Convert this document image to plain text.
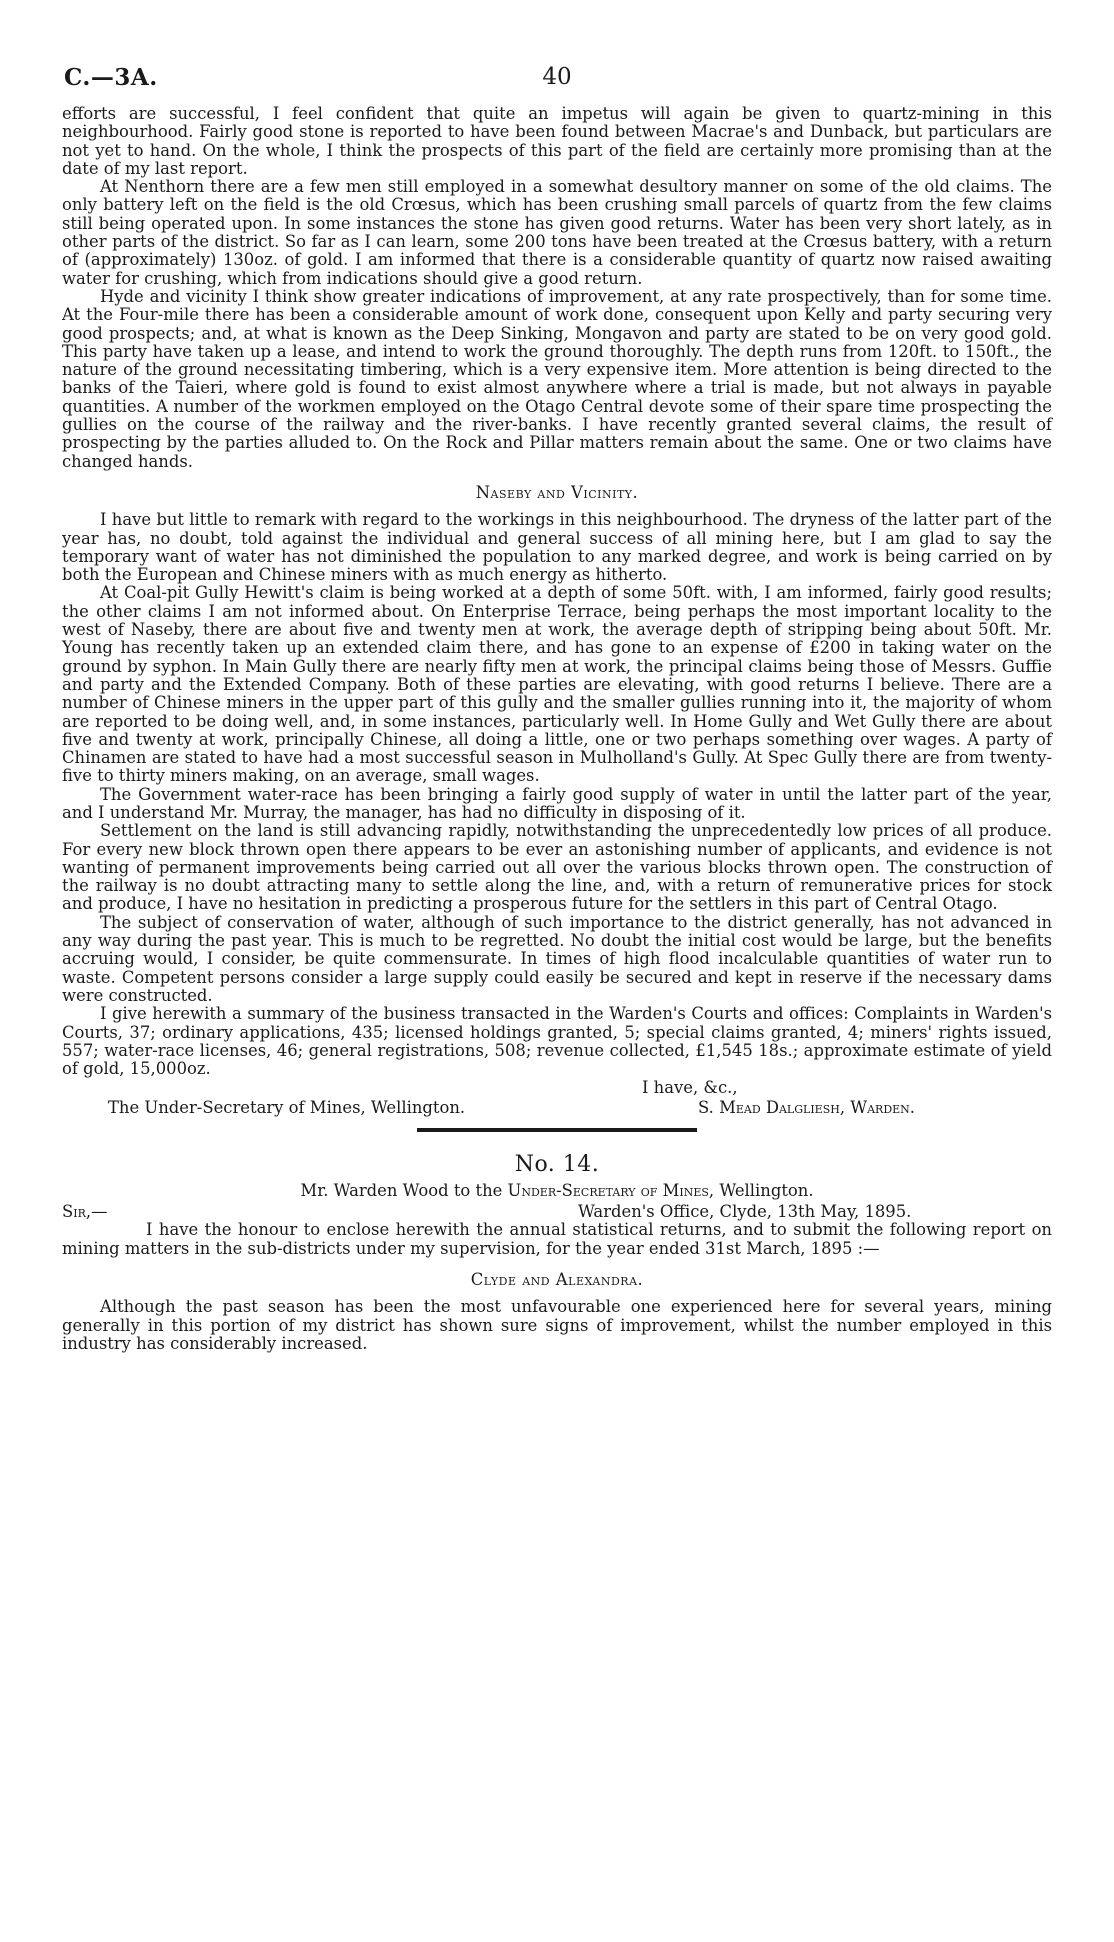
C.—3A.	40

efforts are successful, I feel confident that quite an impetus will again be given to quartz-mining in this neighbourhood. Fairly good stone is reported to have been found between Macrae's and Dunback, but particulars are not yet to hand. On the whole, I think the prospects of this part of the field are certainly more promising than at the date of my last report.

At Nenthorn there are a few men still employed in a somewhat desultory manner on some of the old claims. The only battery left on the field is the old Crœsus, which has been crushing small parcels of quartz from the few claims still being operated upon. In some instances the stone has given good returns. Water has been very short lately, as in other parts of the district. So far as I can learn, some 200 tons have been treated at the Crœsus battery, with a return of (approximately) 130oz. of gold. I am informed that there is a considerable quantity of quartz now raised awaiting water for crushing, which from indications should give a good return.

Hyde and vicinity I think show greater indications of improvement, at any rate prospectively, than for some time. At the Four-mile there has been a considerable amount of work done, consequent upon Kelly and party securing very good prospects; and, at what is known as the Deep Sinking, Mongavon and party are stated to be on very good gold. This party have taken up a lease, and intend to work the ground thoroughly. The depth runs from 120ft. to 150ft., the nature of the ground necessitating timbering, which is a very expensive item. More attention is being directed to the banks of the Taieri, where gold is found to exist almost anywhere where a trial is made, but not always in payable quantities. A number of the workmen employed on the Otago Central devote some of their spare time prospecting the gullies on the course of the railway and the river-banks. I have recently granted several claims, the result of prospecting by the parties alluded to. On the Rock and Pillar matters remain about the same. One or two claims have changed hands.

Naseby and Vicinity.

I have but little to remark with regard to the workings in this neighbourhood. The dryness of the latter part of the year has, no doubt, told against the individual and general success of all mining here, but I am glad to say the temporary want of water has not diminished the population to any marked degree, and work is being carried on by both the European and Chinese miners with as much energy as hitherto.

At Coal-pit Gully Hewitt's claim is being worked at a depth of some 50ft. with, I am informed, fairly good results; the other claims I am not informed about. On Enterprise Terrace, being perhaps the most important locality to the west of Naseby, there are about five and twenty men at work, the average depth of stripping being about 50ft. Mr. Young has recently taken up an extended claim there, and has gone to an expense of £200 in taking water on the ground by syphon. In Main Gully there are nearly fifty men at work, the principal claims being those of Messrs. Guffie and party and the Extended Company. Both of these parties are elevating, with good returns I believe. There are a number of Chinese miners in the upper part of this gully and the smaller gullies running into it, the majority of whom are reported to be doing well, and, in some instances, particularly well. In Home Gully and Wet Gully there are about five and twenty at work, principally Chinese, all doing a little, one or two perhaps something over wages. A party of Chinamen are stated to have had a most successful season in Mulholland's Gully. At Spec Gully there are from twenty-five to thirty miners making, on an average, small wages.

The Government water-race has been bringing a fairly good supply of water in until the latter part of the year, and I understand Mr. Murray, the manager, has had no difficulty in disposing of it.

Settlement on the land is still advancing rapidly, notwithstanding the unprecedentedly low prices of all produce. For every new block thrown open there appears to be ever an astonishing number of applicants, and evidence is not wanting of permanent improvements being carried out all over the various blocks thrown open. The construction of the railway is no doubt attracting many to settle along the line, and, with a return of remunerative prices for stock and produce, I have no hesitation in predicting a prosperous future for the settlers in this part of Central Otago.

The subject of conservation of water, although of such importance to the district generally, has not advanced in any way during the past year. This is much to be regretted. No doubt the initial cost would be large, but the benefits accruing would, I consider, be quite commensurate. In times of high flood incalculable quantities of water run to waste. Competent persons consider a large supply could easily be secured and kept in reserve if the necessary dams were constructed.

I give herewith a summary of the business transacted in the Warden's Courts and offices: Complaints in Warden's Courts, 37; ordinary applications, 435; licensed holdings granted, 5; special claims granted, 4; miners' rights issued, 557; water-race licenses, 46; general registrations, 508; revenue collected, £1,545 18s.; approximate estimate of yield of gold, 15,000oz.

I have, &c.,
The Under-Secretary of Mines, Wellington.	S. Mead Dalgliesh, Warden.
No. 14.
Mr. Warden Wood to the Under-Secretary of Mines, Wellington.
Sir,—	Warden's Office, Clyde, 13th May, 1895.

I have the honour to enclose herewith the annual statistical returns, and to submit the following report on mining matters in the sub-districts under my supervision, for the year ended 31st March, 1895 :—

Clyde and Alexandra.

Although the past season has been the most unfavourable one experienced here for several years, mining generally in this portion of my district has shown sure signs of improvement, whilst the number employed in this industry has considerably increased.
